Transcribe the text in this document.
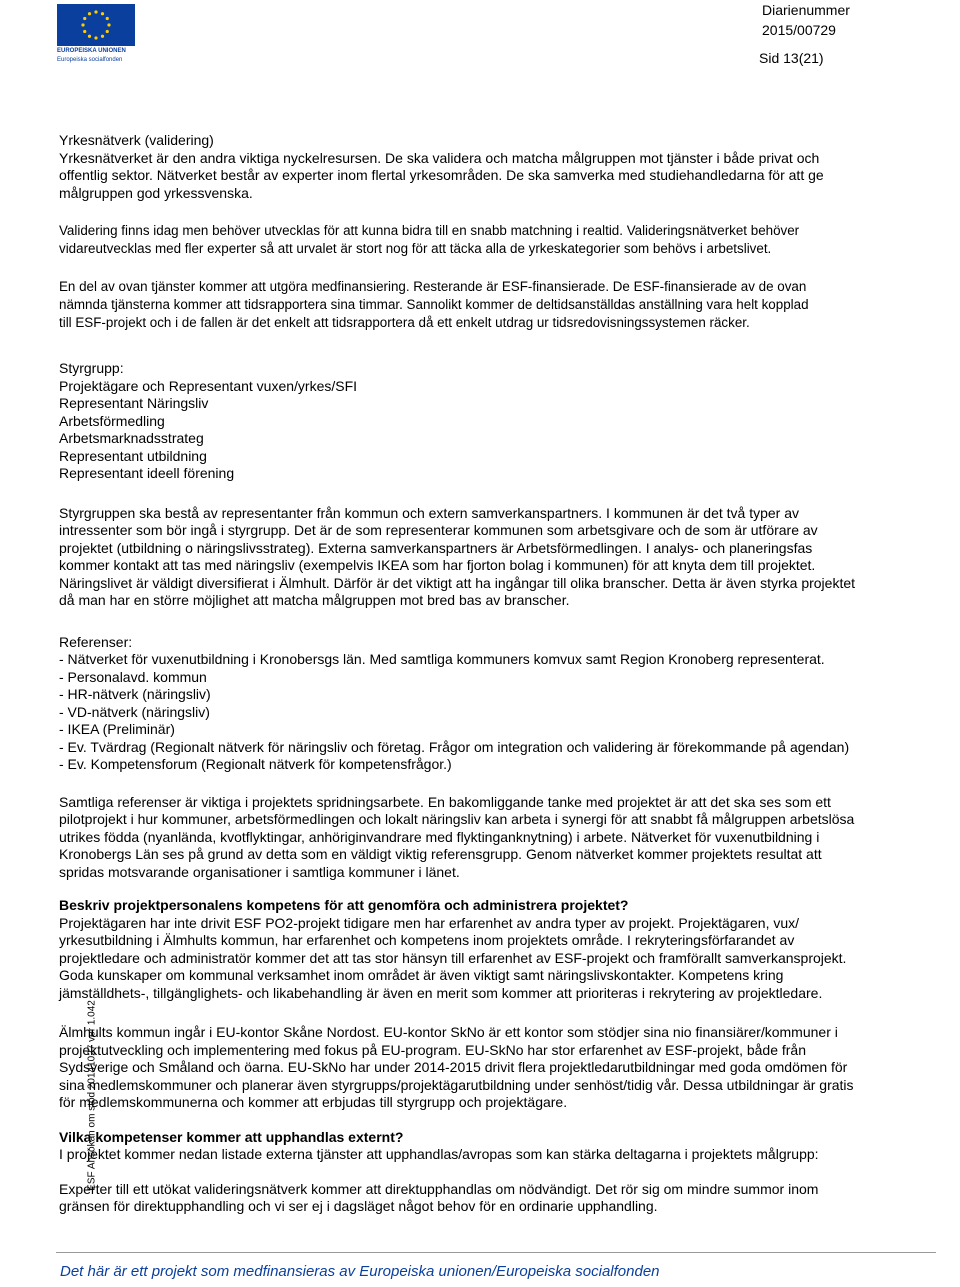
EUROPEISKA UNIONEN
Europeiska socialfonden
Diarienummer
2015/00729
Sid 13(21)

Yrkesnätverk (validering)

Yrkesnätverket är den andra viktiga nyckelresursen. De ska validera och matcha målgruppen mot tjänster i både privat och

offentlig sektor. Nätverket består av experter inom flertal yrkesområden. De ska samverka med studiehandledarna för att ge

målgruppen god yrkessvenska.

Validering finns idag men behöver utvecklas för att kunna bidra till en snabb matchning i realtid. Valideringsnätverket behöver

vidareutvecklas med fler experter så att urvalet är stort nog för att täcka alla de yrkeskategorier som behövs i arbetslivet.

En del av ovan tjänster kommer att utgöra medfinansiering. Resterande är ESF-finansierade. De ESF-finansierade av de ovan

nämnda tjänsterna kommer att tidsrapportera sina timmar. Sannolikt kommer de deltidsanställdas anställning vara helt kopplad

till ESF-projekt och i de fallen är det enkelt att tidsrapportera då ett enkelt utdrag ur tidsredovisningssystemen räcker.

Styrgrupp:

Projektägare och Representant vuxen/yrkes/SFI

Representant Näringsliv

Arbetsförmedling

Arbetsmarknadsstrateg

Representant utbildning

Representant ideell förening

Styrgruppen ska bestå av representanter från kommun och extern samverkanspartners. I kommunen är det två typer av

intressenter som bör ingå i styrgrupp. Det är de som representerar kommunen som arbetsgivare och de som är utförare av

projektet (utbildning o näringslivsstrateg). Externa samverkanspartners är Arbetsförmedlingen. I analys- och planeringsfas

kommer kontakt att tas med näringsliv (exempelvis IKEA som har fjorton bolag i kommunen) för att knyta dem till projektet.

Näringslivet är väldigt diversifierat i Älmhult. Därför är det viktigt att ha ingångar till olika branscher. Detta är även styrka projektet

då man har en större möjlighet att matcha målgruppen mot bred bas av branscher.

Referenser:

- Nätverket för vuxenutbildning i Kronobersgs län. Med samtliga kommuners komvux samt Region Kronoberg representerat.

- Personalavd. kommun

- HR-nätverk (näringsliv)

- VD-nätverk (näringsliv)

- IKEA (Preliminär)

- Ev. Tvärdrag (Regionalt nätverk för näringsliv och företag. Frågor om integration och validering är förekommande på agendan)

- Ev. Kompetensforum (Regionalt nätverk för kompetensfrågor.)

Samtliga referenser är viktiga i projektets spridningsarbete. En bakomliggande tanke med projektet är att det ska ses som ett

pilotprojekt i hur kommuner, arbetsförmedlingen och lokalt näringsliv kan arbeta i synergi för att snabbt få målgruppen arbetslösa

utrikes födda (nyanlända, kvotflyktingar, anhöriginvandrare med flyktinganknytning) i arbete. Nätverket för vuxenutbildning i

Kronobergs Län ses på grund av detta som en väldigt viktig referensgrupp. Genom nätverket kommer projektets resultat att

spridas motsvarande organisationer i samtliga kommuner i länet.

Beskriv projektpersonalens kompetens för att genomföra och administrera projektet?

Projektägaren har inte drivit ESF PO2-projekt tidigare men har erfarenhet av andra typer av projekt. Projektägaren, vux/

yrkesutbildning i Älmhults kommun, har erfarenhet och kompetens inom projektets område. I rekryteringsförfarandet av

projektledare och administratör kommer det att tas stor hänsyn till erfarenhet av ESF-projekt och framförallt samverkansprojekt.

Goda kunskaper om kommunal verksamhet inom området är även viktigt samt näringslivskontakter. Kompetens kring

jämställdhets-, tillgänglighets- och likabehandling är även en merit som kommer att prioriteras i rekrytering av projektledare.

Älmhults kommun ingår i EU-kontor Skåne Nordost. EU-kontor SkNo är ett kontor som stödjer sina nio finansiärer/kommuner i

projektutveckling och implementering med fokus på EU-program. EU-SkNo har stor erfarenhet av ESF-projekt, både från

Sydsverige och Småland och öarna. EU-SkNo har under 2014-2015 drivit flera projektledarutbildningar med goda omdömen för

sina medlemskommuner och planerar även styrgrupps/projektägarutbildning under senhöst/tidig vår. Dessa utbildningar är gratis

för medlemskommunerna och kommer att erbjudas till styrgrupp och projektägare.

Vilka kompetenser kommer att upphandlas externt?

I projektet kommer nedan listade externa tjänster att upphandlas/avropas som kan stärka deltagarna i projektets målgrupp:

Experter till ett utökat valideringsnätverk kommer att direktupphandlas om nödvändigt. Det rör sig om mindre summor inom

gränsen för direktupphandling och vi ser ej i dagsläget något behov för en ordinarie upphandling.

ESF Ansökan om stöd 20141027 ver 1.042
Det här är ett projekt som medfinansieras av Europeiska unionen/Europeiska socialfonden
